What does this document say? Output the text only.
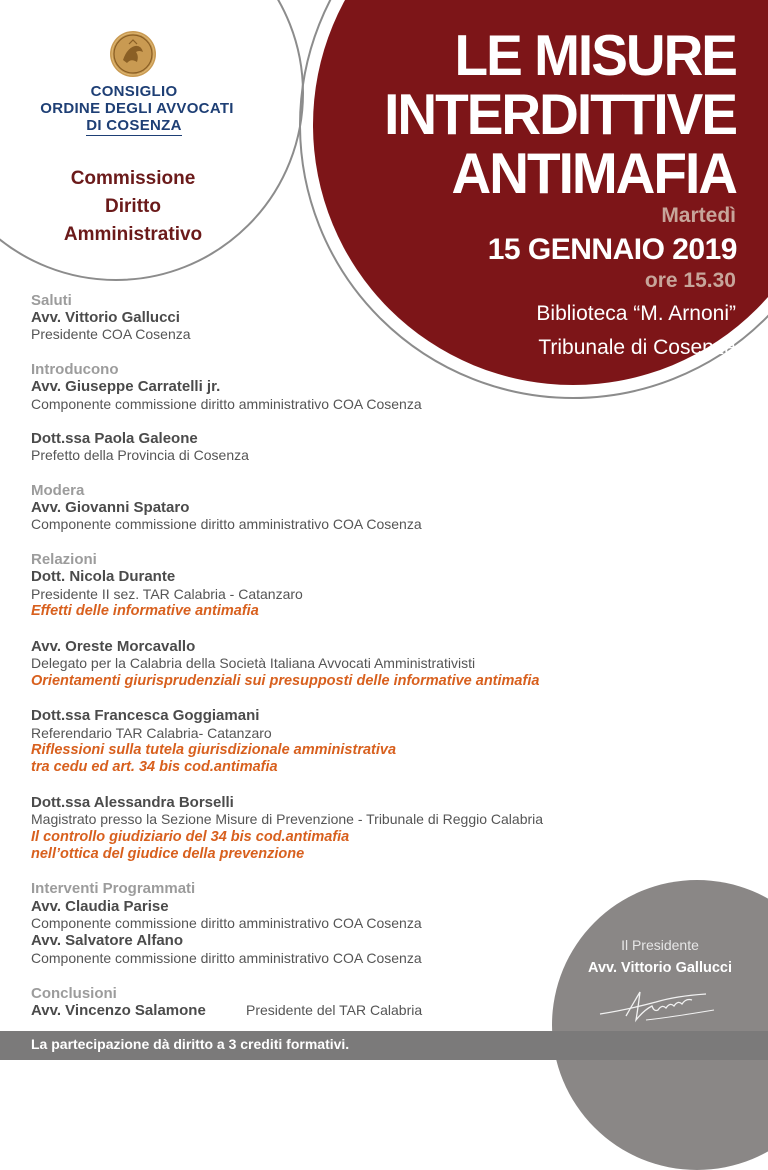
CONSIGLIO
ORDINE DEGLI AVVOCATI
DI COSENZA
Commissione
Diritto
Amministrativo
LE MISURE
INTERDITTIVE
ANTIMAFIA
Martedì
15 GENNAIO 2019
ore 15.30
Biblioteca “M. Arnoni”
Tribunale di Cosenza
Saluti
Avv. Vittorio Gallucci
Presidente COA Cosenza
Introducono
Avv. Giuseppe Carratelli jr.
Componente commissione diritto amministrativo COA Cosenza
Dott.ssa Paola Galeone
Prefetto della Provincia di Cosenza
Modera
Avv. Giovanni Spataro
Componente commissione diritto amministrativo COA Cosenza
Relazioni
Dott. Nicola Durante
Presidente II sez. TAR Calabria - Catanzaro
Effetti delle informative antimafia
Avv. Oreste Morcavallo
Delegato per la Calabria della Società Italiana Avvocati Amministrativisti
Orientamenti giurisprudenziali sui presupposti delle informative antimafia
Dott.ssa Francesca Goggiamani
Referendario TAR Calabria- Catanzaro
Riflessioni sulla tutela giurisdizionale amministrativa
tra cedu ed art. 34 bis cod.antimafia
Dott.ssa Alessandra Borselli
Magistrato presso la Sezione Misure di Prevenzione - Tribunale di Reggio Calabria
Il controllo giudiziario del 34 bis cod.antimafia
nell’ottica del giudice della prevenzione
Interventi Programmati
Avv. Claudia Parise
Componente commissione diritto amministrativo COA Cosenza
Avv. Salvatore Alfano
Componente commissione diritto amministrativo COA Cosenza
Conclusioni
Avv. Vincenzo Salamone	Presidente del TAR Calabria
Il Presidente
Avv. Vittorio Gallucci
La partecipazione dà diritto a 3 crediti formativi.
